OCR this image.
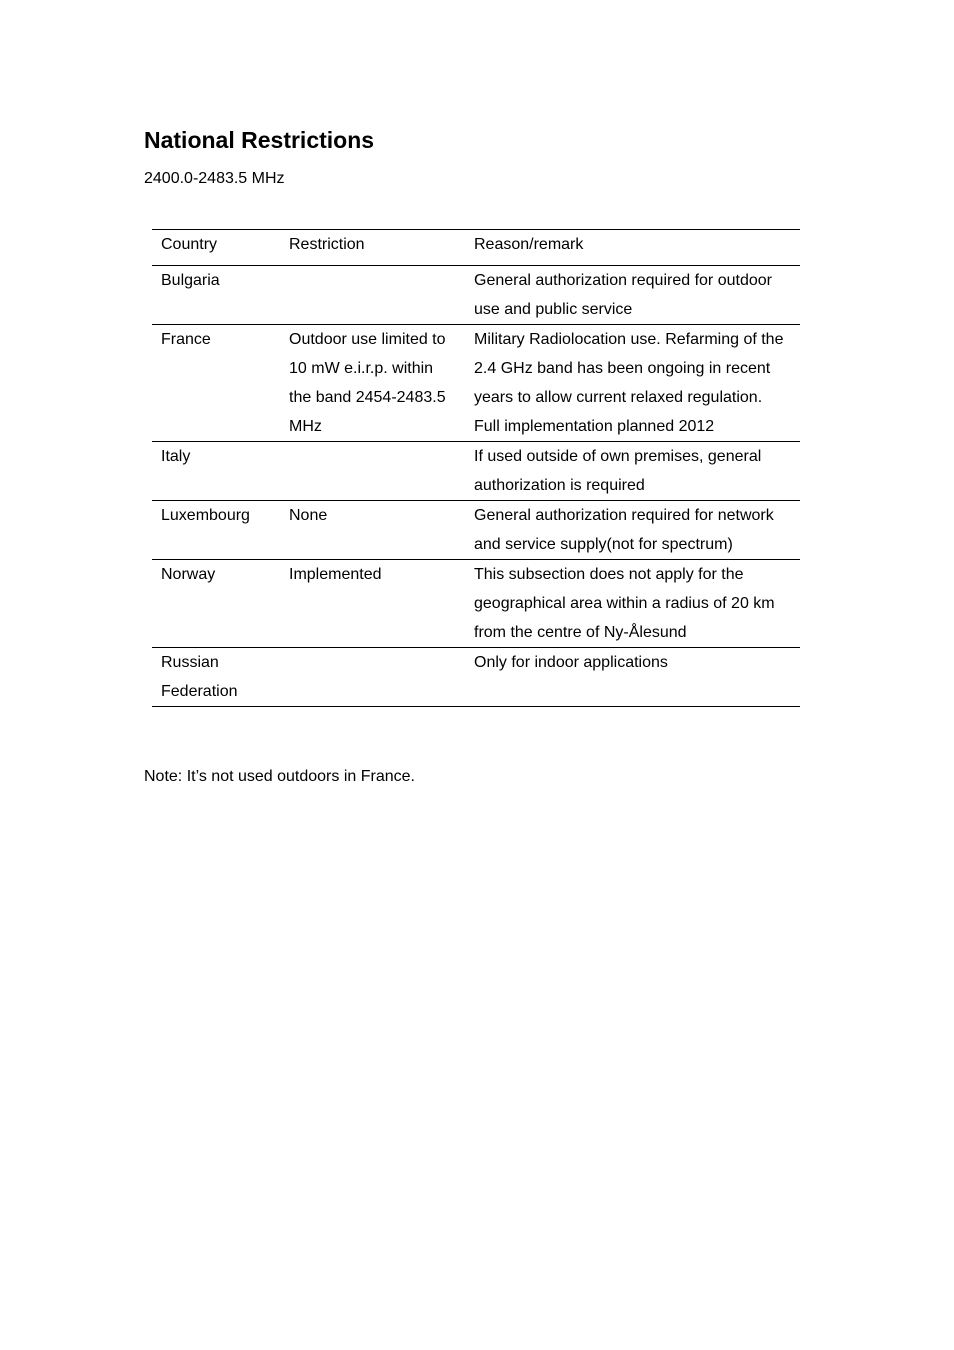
National Restrictions
2400.0-2483.5 MHz
Country	Restriction	Reason/remark
Bulgaria		General authorization required for outdoor use and public service
France	Outdoor use limited to 10 mW e.i.r.p. within the band 2454-2483.5 MHz	Military Radiolocation use. Refarming of the 2.4 GHz band has been ongoing in recent years to allow current relaxed regulation. Full implementation planned 2012
Italy		If used outside of own premises, general authorization is required
Luxembourg	None	General authorization required for network and service supply(not for spectrum)
Norway	Implemented	This subsection does not apply for the geographical area within a radius of 20 km from the centre of Ny-Ålesund
Russian Federation		Only for indoor applications
Note: It’s not used outdoors in France.
